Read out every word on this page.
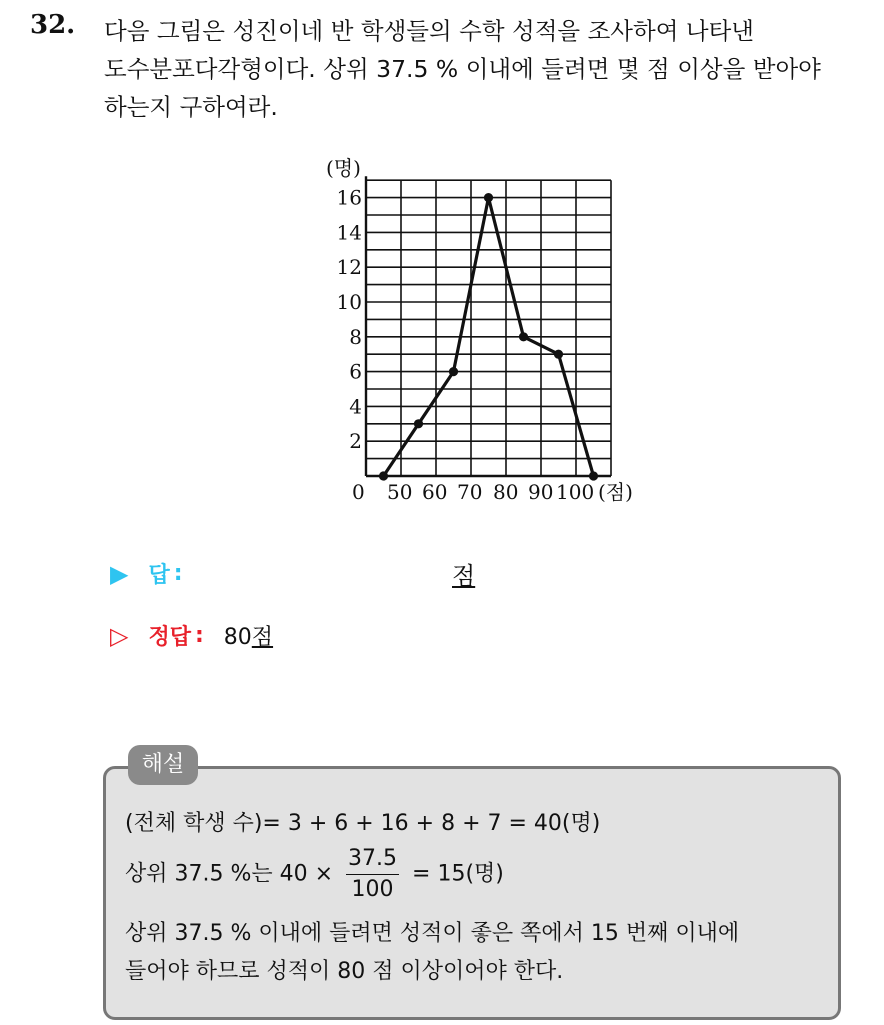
32. 다음 그림은 성진이네 반 학생들의 수학 성적을 조사하여 나타낸
도수분포다각형이다. 상위 37.5 % 이내에 들려면 몇 점 이상을 받아야
하는지 구하여라.
2
4
6
8
10
12
14
16
(명)
0 50 60 70 80 90 100 (점)
▶ 답 :	점
▷ 정답 : 80점
해설
(전체 학생 수)= 3 + 6 + 16 + 8 + 7 = 40(명)
상위 37.5 %는 $40 \times \frac{37.5}{100} = 15$(명)
상위 37.5 % 이내에 들려면 성적이 좋은 쪽에서 15 번째 이내에
들어야 하므로 성적이 80 점 이상이어야 한다.
